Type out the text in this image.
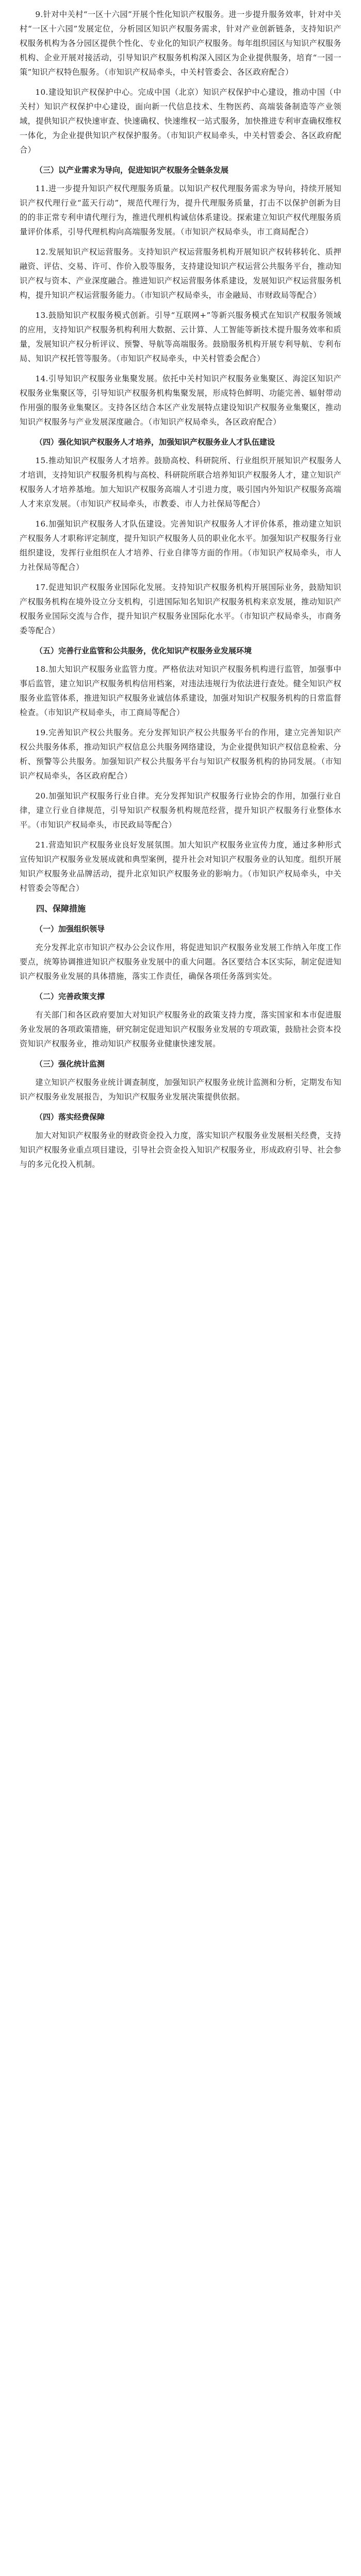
9.针对中关村“一区十六园”开展个性化知识产权服务。进一步提升服务效率，针对中关村“一区十六园”发展定位，分析园区知识产权服务需求，针对产业创新链条，支持知识产权服务机构为各分园区提供个性化、专业化的知识产权服务。每年组织园区与知识产权服务机构、企业开展对接活动，引导知识产权服务机构深入园区为企业提供服务，培育“一园一策”知识产权特色服务。（市知识产权局牵头，中关村管委会、各区政府配合）

10.建设知识产权保护中心。完成中国（北京）知识产权保护中心建设，推动中国（中关村）知识产权保护中心建设，面向新一代信息技术、生物医药、高端装备制造等产业领域，提供知识产权快速审查、快速确权、快速维权一站式服务，加快推进专利审查确权维权一体化，为企业提供知识产权保护服务。（市知识产权局牵头，中关村管委会、各区政府配合）

（三）以产业需求为导向，促进知识产权服务全链条发展

11.进一步提升知识产权代理服务质量。以知识产权代理服务需求为导向，持续开展知识产权代理行业“蓝天行动”，规范代理行为，提升代理服务质量，打击不以保护创新为目的的非正常专利申请代理行为，推进代理机构诚信体系建设。探索建立知识产权代理服务质量评价体系，引导代理机构向高端服务发展。（市知识产权局牵头，市工商局配合）

12.发展知识产权运营服务。支持知识产权运营服务机构开展知识产权转移转化、质押融资、评估、交易、许可、作价入股等服务，支持建设知识产权运营公共服务平台，推动知识产权与资本、产业深度融合。推进知识产权运营服务体系建设，发展知识产权运营服务机构，提升知识产权运营服务能力。（市知识产权局牵头，市金融局、市财政局等配合）

13.鼓励知识产权服务模式创新。引导“互联网+”等新兴服务模式在知识产权服务领域的应用，支持知识产权服务机构利用大数据、云计算、人工智能等新技术提升服务效率和质量，发展知识产权分析评议、预警、导航等高端服务。鼓励服务机构开展专利导航、专利布局、知识产权托管等服务。（市知识产权局牵头，中关村管委会配合）

14.引导知识产权服务业集聚发展。依托中关村知识产权服务业集聚区、海淀区知识产权服务业集聚区等，引导知识产权服务机构集聚发展，形成特色鲜明、功能完善、辐射带动作用强的服务业集聚区。支持各区结合本区产业发展特点建设知识产权服务业集聚区，推动知识产权服务与产业发展深度融合。（市知识产权局牵头，各区政府配合）

（四）强化知识产权服务人才培养，加强知识产权服务业人才队伍建设

15.推动知识产权服务人才培养。鼓励高校、科研院所、行业组织开展知识产权服务人才培训，支持知识产权服务机构与高校、科研院所联合培养知识产权服务人才，建立知识产权服务人才培养基地。加大知识产权服务高端人才引进力度，吸引国内外知识产权服务高端人才来京发展。（市知识产权局牵头，市教委、市人力社保局等配合）

16.加强知识产权服务人才队伍建设。完善知识产权服务人才评价体系，推动建立知识产权服务人才职称评定制度，提升知识产权服务人员的职业化水平。加强知识产权服务行业组织建设，发挥行业组织在人才培养、行业自律等方面的作用。（市知识产权局牵头，市人力社保局等配合）

17.促进知识产权服务业国际化发展。支持知识产权服务机构开展国际业务，鼓励知识产权服务机构在境外设立分支机构，引进国际知名知识产权服务机构来京发展，推动知识产权服务业国际交流与合作，提升知识产权服务业国际化水平。（市知识产权局牵头，市商务委等配合）

（五）完善行业监管和公共服务，优化知识产权服务业发展环境

18.加大知识产权服务业监管力度。严格依法对知识产权服务机构进行监管，加强事中事后监管，建立知识产权服务机构信用档案，对违法违规行为依法进行查处。健全知识产权服务业监管体系，推进知识产权服务业诚信体系建设，加强对知识产权服务机构的日常监督检查。（市知识产权局牵头，市工商局等配合）

19.完善知识产权公共服务。充分发挥知识产权公共服务平台的作用，建立完善知识产权公共服务体系，推动知识产权信息公共服务网络建设，为企业提供知识产权信息检索、分析、预警等公共服务。加强知识产权公共服务平台与知识产权服务机构的协同发展。（市知识产权局牵头，各区政府配合）

20.加强知识产权服务行业自律。充分发挥知识产权服务行业协会的作用，加强行业自律，建立行业自律规范，引导知识产权服务机构规范经营，提升知识产权服务行业整体水平。（市知识产权局牵头，市民政局等配合）

21.营造知识产权服务业良好发展氛围。加大知识产权服务业宣传力度，通过多种形式宣传知识产权服务业发展成就和典型案例，提升社会对知识产权服务业的认知度。组织开展知识产权服务业品牌活动，提升北京知识产权服务业的影响力。（市知识产权局牵头，中关村管委会等配合）

四、保障措施
（一）加强组织领导

充分发挥北京市知识产权办公会议作用，将促进知识产权服务业发展工作纳入年度工作要点，统筹协调推进知识产权服务业发展中的重大问题。各区要结合本区实际，制定促进知识产权服务业发展的具体措施，落实工作责任，确保各项任务落到实处。

（二）完善政策支撑

有关部门和各区政府要加大对知识产权服务业的政策支持力度，落实国家和本市促进服务业发展的各项政策措施，研究制定促进知识产权服务业发展的专项政策，鼓励社会资本投资知识产权服务业，推动知识产权服务业健康快速发展。

（三）强化统计监测

建立知识产权服务业统计调查制度，加强知识产权服务业统计监测和分析，定期发布知识产权服务业发展报告，为知识产权服务业发展决策提供依据。

（四）落实经费保障

加大对知识产权服务业的财政资金投入力度，落实知识产权服务业发展相关经费，支持知识产权服务业重点项目建设，引导社会资金投入知识产权服务业，形成政府引导、社会参与的多元化投入机制。
